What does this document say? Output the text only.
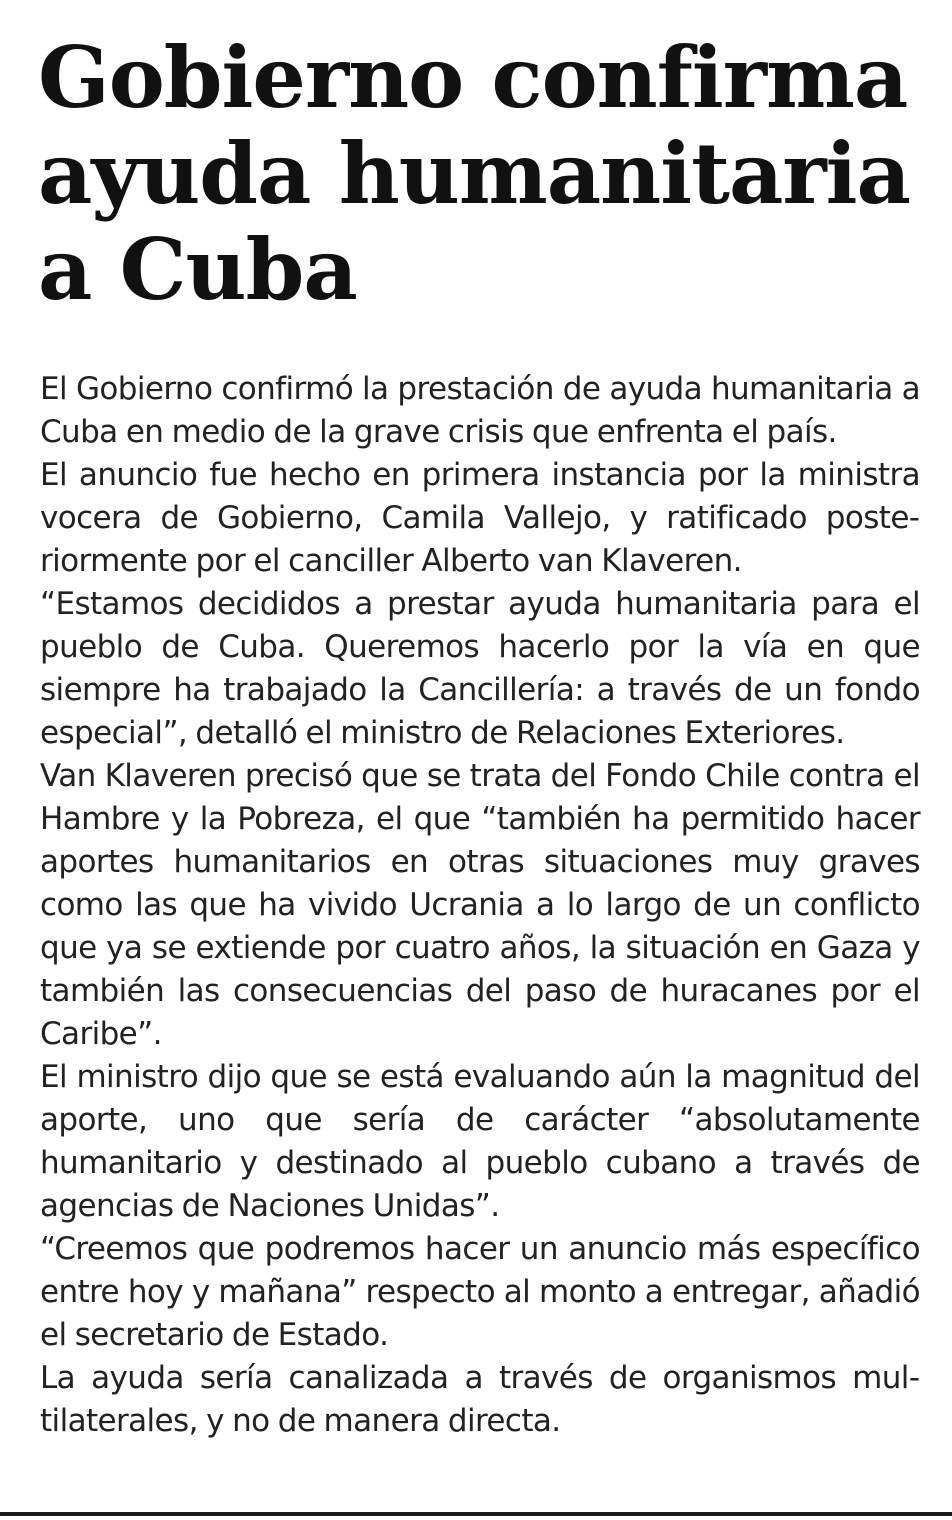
Gobierno confirma
ayuda humanitaria
a Cuba

El Gobierno confirmó la prestación de ayuda humanitaria a Cuba en medio de la grave crisis que enfrenta el país.

El anuncio fue hecho en primera instancia por la ministra vocera de Gobierno, Camila Vallejo, y ratificado posteriormente por el canciller Alberto van Klaveren.

“Estamos decididos a prestar ayuda humanitaria para el pueblo de Cuba. Queremos hacerlo por la vía en que siempre ha trabajado la Cancillería: a través de un fondo especial”, detalló el ministro de Relaciones Exteriores.

Van Klaveren precisó que se trata del Fondo Chile contra el Hambre y la Pobreza, el que “también ha permitido hacer aportes humanitarios en otras situaciones muy graves como las que ha vivido Ucrania a lo largo de un conflicto que ya se extiende por cuatro años, la situación en Gaza y también las consecuencias del paso de huracanes por el Caribe”.

El ministro dijo que se está evaluando aún la magnitud del aporte, uno que sería de carácter “absolutamente humanitario y destinado al pueblo cubano a través de agencias de Naciones Unidas”.

“Creemos que podremos hacer un anuncio más específico entre hoy y mañana” respecto al monto a entregar, añadió el secretario de Estado.

La ayuda sería canalizada a través de organismos multilaterales, y no de manera directa.
